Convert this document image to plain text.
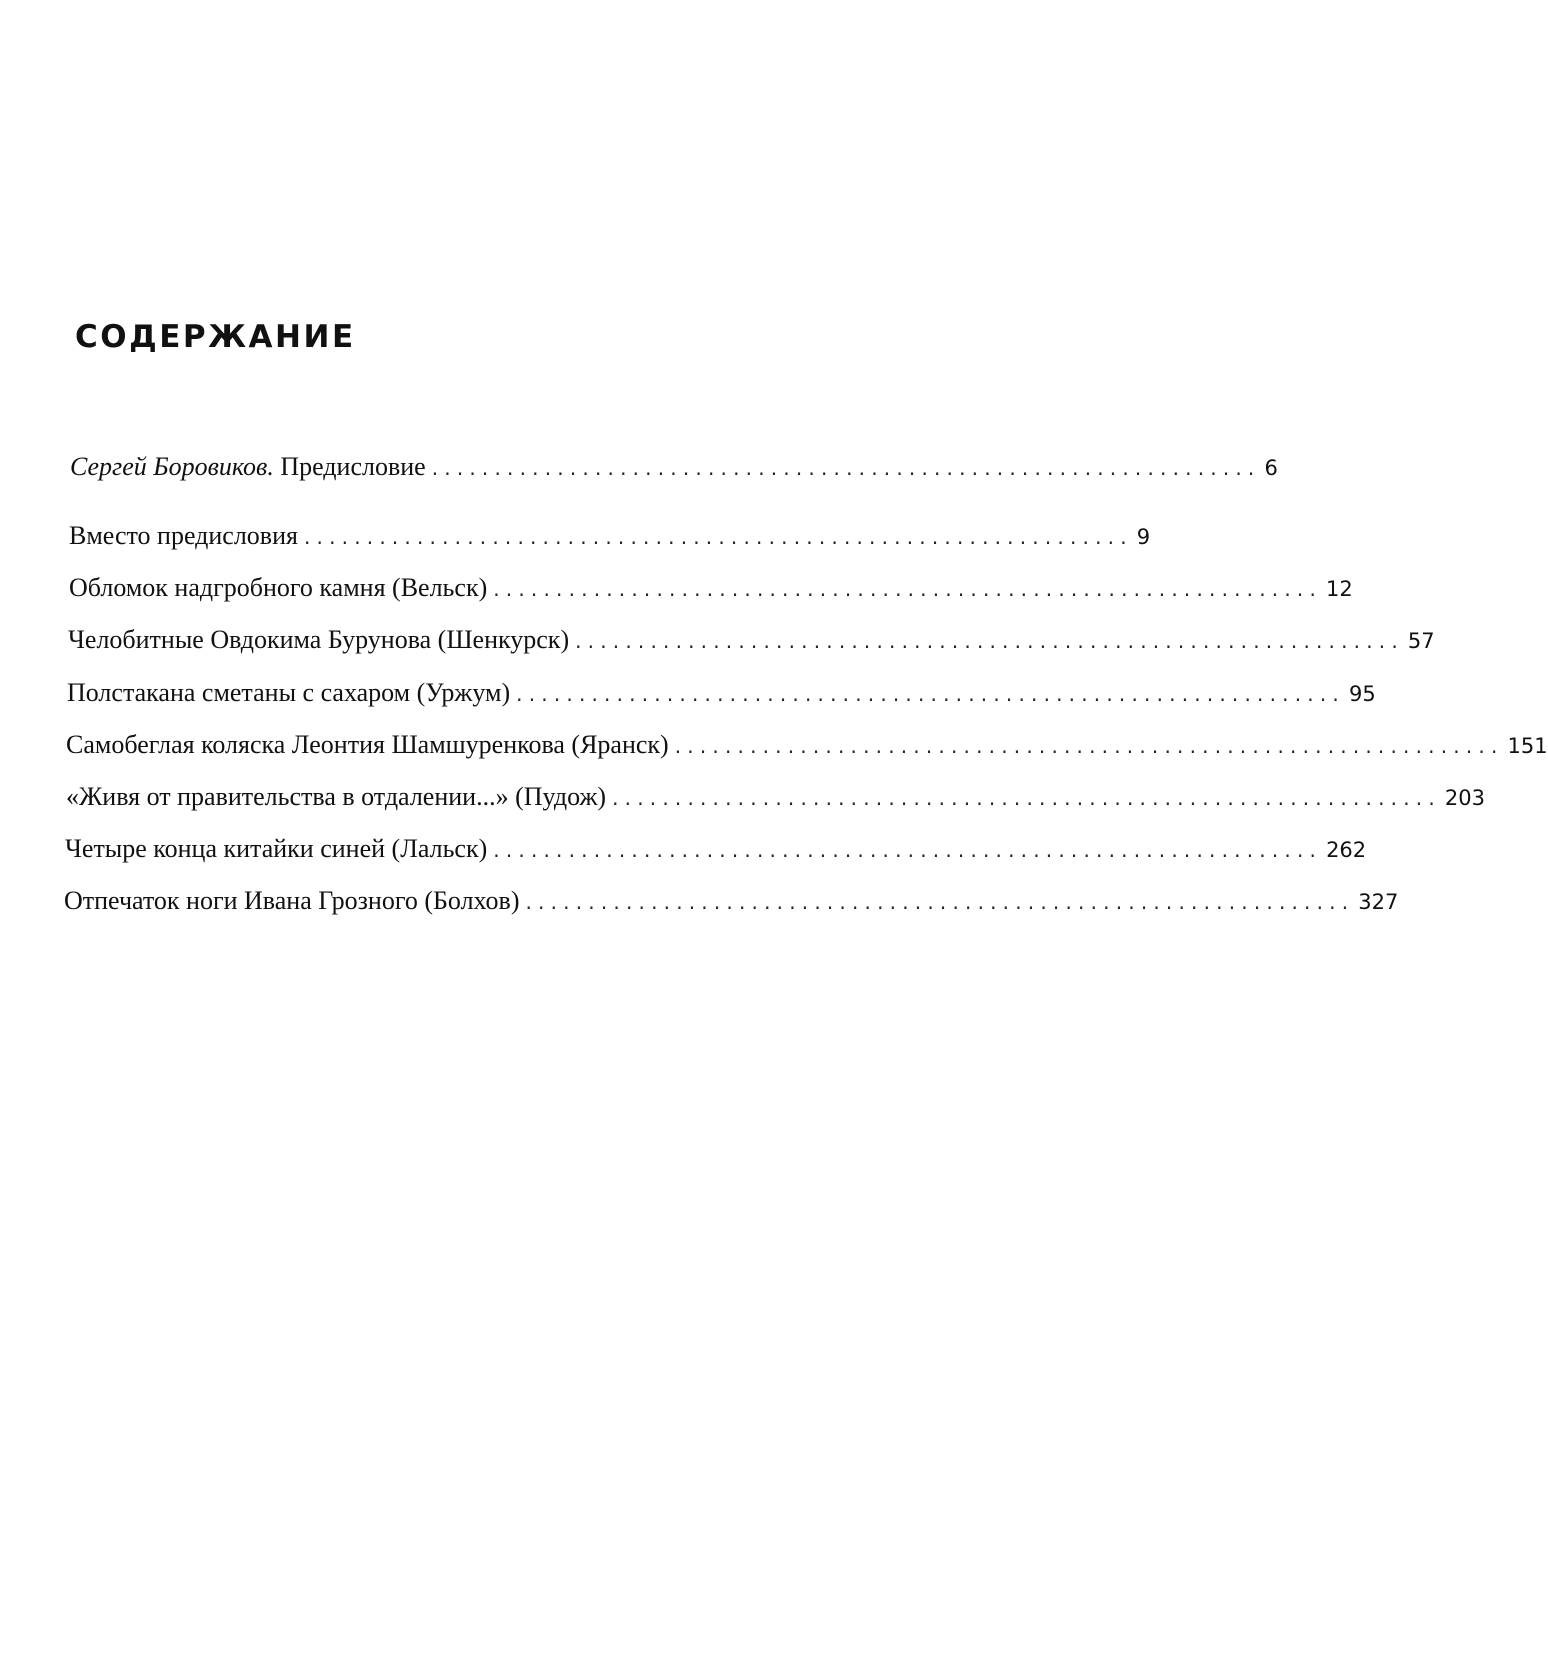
СОДЕРЖАНИЕ
Сергей Боровиков. Предисловие .................................................................. 6
Вместо предисловия .................................................................. 9
Обломок надгробного камня (Вельск) .................................................................. 12
Челобитные Овдокима Бурунова (Шенкурск) .................................................................. 57
Полстакана сметаны с сахаром (Уржум) .................................................................. 95
Самобеглая коляска Леонтия Шамшуренкова (Яранск) .................................................................. 151
«Живя от правительства в отдалении...» (Пудож) .................................................................. 203
Четыре конца китайки синей (Лальск) .................................................................. 262
Отпечаток ноги Ивана Грозного (Болхов) .................................................................. 327
